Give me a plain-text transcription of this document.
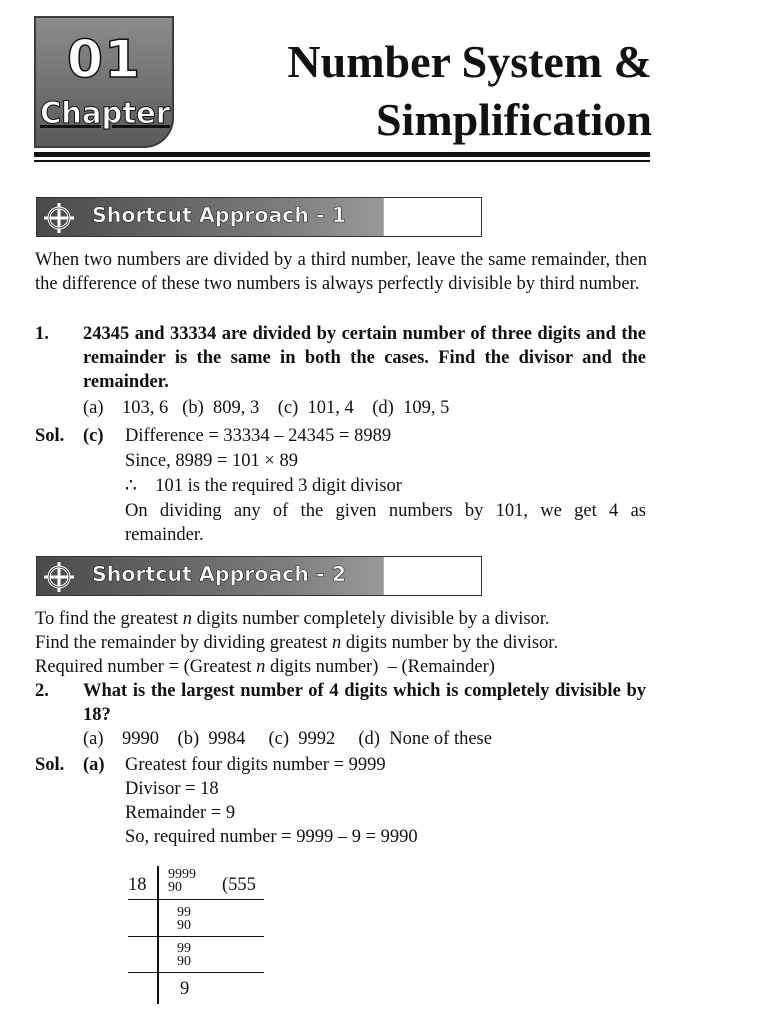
01
Chapter
Number System &
Simplification
Shortcut Approach - 1
When two numbers are divided by a third number, leave the same remainder, then the difference of these two numbers is always perfectly divisible by third number.
1. 24345 and 33334 are divided by certain number of three digits and the remainder is the same in both the cases. Find the divisor and the remainder.
(a)    103, 6   (b)  809, 3    (c)  101, 4    (d)  109, 5
Sol. (c) Difference = 33334 – 24345 = 8989
Since, 8989 = 101 × 89
∴    101 is the required 3 digit divisor
On dividing any of the given numbers by 101, we get 4 as
remainder.
Shortcut Approach - 2
To find the greatest n digits number completely divisible by a divisor.
Find the remainder by dividing greatest n digits number by the divisor.
Required number = (Greatest n digits number)  – (Remainder)
2. What is the largest number of 4 digits which is completely divisible by 18?
(a)    9990    (b)  9984     (c)  9992     (d)  None of these
Sol. (a) Greatest four digits number = 9999
Divisor = 18
Remainder = 9
So, required number = 9999 – 9 = 9990
18
9999
90 (555
99
90
99
90
9
